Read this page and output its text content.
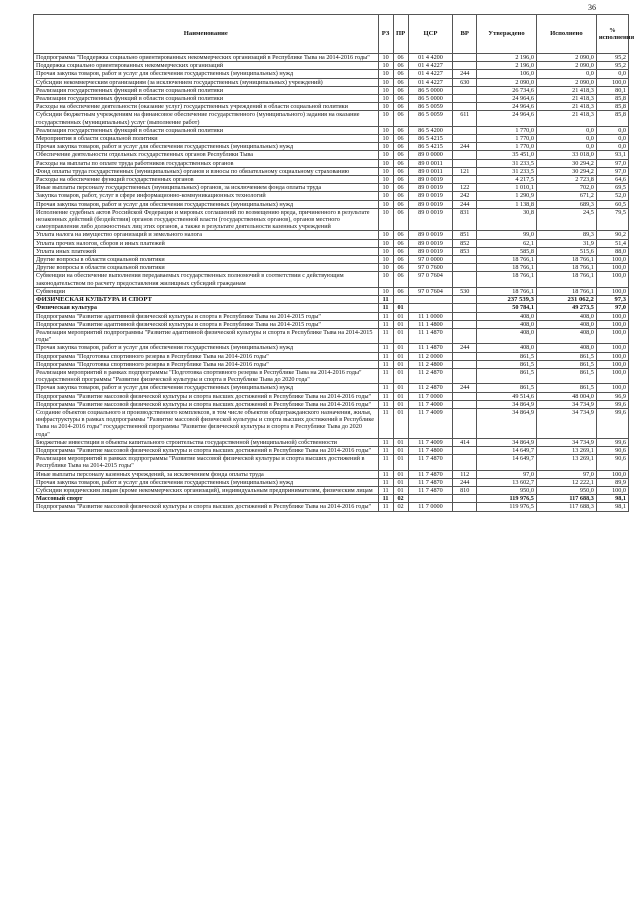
36
Наименование	РЗ	ПР	ЦСР	ВР	Утверждено	Исполнено	% исполнения
Подпрограмма "Поддержка социально ориентированных некоммерческих организаций в Республике Тыва на 2014-2016 годы"	10	06	01 4 4200		2 196,0	2 090,0	95,2
Поддержка социально ориентированных некоммерческих организаций	10	06	01 4 4227		2 196,0	2 090,0	95,2
Прочая закупка товаров, работ и услуг для обеспечения государственных (муниципальных) нужд	10	06	01 4 4227	244	106,0	0,0	0,0
Субсидии некоммерческим организациям (за исключением государственных (муниципальных) учреждений)	10	06	01 4 4227	630	2 090,0	2 090,0	100,0
Реализация государственных функций в области социальной политики	10	06	86 5 0000		26 734,6	21 418,3	80,1
Реализация государственных функций в области социальной политики	10	06	86 5 0000		24 964,6	21 418,3	85,8
Расходы на обеспечение деятельности (оказание услуг) государственных учреждений в области социальной политики	10	06	86 5 0059		24 964,6	21 418,3	85,8
Субсидии бюджетным учреждениям на финансовое обеспечение государственного (муниципального) задания на оказание государственных (муниципальных) услуг (выполнение работ)	10	06	86 5 0059	611	24 964,6	21 418,3	85,8
Реализация государственных функций в области социальной политики	10	06	86 5 4200		1 770,0	0,0	0,0
Мероприятия в области социальной политики	10	06	86 5 4215		1 770,0	0,0	0,0
Прочая закупка товаров, работ и услуг для обеспечения государственных (муниципальных) нужд	10	06	86 5 4215	244	1 770,0	0,0	0,0
Обеспечение деятельности отдельных государственных органов Республики Тыва	10	06	89 0 0000		35 451,0	33 018,0	93,1
Расходы на выплаты по оплате труда работников государственных органов	10	06	89 0 0011		31 233,5	30 294,2	97,0
Фонд оплаты труда государственных (муниципальных) органов и взносы по обязательному социальному страхованию	10	06	89 0 0011	121	31 233,5	30 294,2	97,0
Расходы на обеспечение функций государственных органов	10	06	89 0 0019		4 217,5	2 723,8	64,6
Иные выплаты персоналу государственных (муниципальных) органов, за исключением фонда оплаты труда	10	06	89 0 0019	122	1 010,1	702,0	69,5
Закупка товаров, работ, услуг в сфере информационно-коммуникационных технологий	10	06	89 0 0019	242	1 290,9	671,2	52,0
Прочая закупка товаров, работ и услуг для обеспечения государственных (муниципальных) нужд	10	06	89 0 0019	244	1 138,8	689,3	60,5
Исполнение судебных актов Российской Федерации и мировых соглашений по возмещению вреда, причиненного в результате незаконных действий (бездействия) органов государственной власти (государственных органов), органов местного самоуправления либо должностных лиц этих органов, а также в результате деятельности казенных учреждений	10	06	89 0 0019	831	30,8	24,5	79,5
Уплата налога на имущество организаций и земельного налога	10	06	89 0 0019	851	99,0	89,3	90,2
Уплата прочих налогов, сборов и иных платежей	10	06	89 0 0019	852	62,1	31,9	51,4
Уплата иных платежей	10	06	89 0 0019	853	585,8	515,6	88,0
Другие вопросы в области социальной политики	10	06	97 0 0000		18 766,1	18 766,1	100,0
Другие вопросы в области социальной политики	10	06	97 0 7600		18 766,1	18 766,1	100,0
Субвенции на обеспечение выполнения передаваемых государственных полномочий в соответствии с действующим законодательством по расчету предоставления жилищных субсидий гражданам	10	06	97 0 7604		18 766,1	18 766,1	100,0
Субвенции	10	06	97 0 7604	530	18 766,1	18 766,1	100,0
ФИЗИЧЕСКАЯ КУЛЬТУРА И СПОРТ	11				237 539,3	231 062,2	97,3
Физическая культура	11	01			50 784,1	49 273,5	97,0
Подпрограмма "Развитие адаптивной физической культуры и спорта в Республике Тыва на 2014-2015 годы"	11	01	11 1 0000		408,0	408,0	100,0
Подпрограмма "Развитие адаптивной физической культуры и спорта в Республике Тыва на 2014-2015 годы"	11	01	11 1 4800		408,0	408,0	100,0
Реализация мероприятий подпрограммы "Развитие адаптивной физической культуры и спорта в Республике Тыва на 2014-2015 годы"	11	01	11 1 4870		408,0	408,0	100,0
Прочая закупка товаров, работ и услуг для обеспечения государственных (муниципальных) нужд	11	01	11 1 4870	244	408,0	408,0	100,0
Подпрограмма "Подготовка спортивного резерва в Республике Тыва на 2014-2016 годы"	11	01	11 2 0000		861,5	861,5	100,0
Подпрограмма "Подготовка спортивного резерва в Республике Тыва на 2014-2016 годы"	11	01	11 2 4800		861,5	861,5	100,0
Реализация мероприятий в рамках подпрограммы "Подготовка спортивного резерва в Республике Тыва на 2014-2016 годы" государственной программы "Развитие физической культуры и спорта в Республике Тыва до 2020 года"	11	01	11 2 4870		861,5	861,5	100,0
Прочая закупка товаров, работ и услуг для обеспечения государственных (муниципальных) нужд	11	01	11 2 4870	244	861,5	861,5	100,0
Подпрограмма "Развитие массовой физической культуры и спорта высших достижений в Республике Тыва на 2014-2016 годы"	11	01	11 7 0000		49 514,6	48 004,0	96,9
Подпрограмма "Развитие массовой физической культуры и спорта высших достижений в Республике Тыва на 2014-2016 годы"	11	01	11 7 4000		34 864,9	34 734,9	99,6
Создание объектов социального и производственного комплексов, в том числе объектов общегражданского назначения, жилья, инфраструктуры в рамках подпрограммы "Развитие массовой физической культуры и спорта высших достижений в Республике Тыва на 2014-2016 годы" государственной программы "Развитие физической культуры и спорта в Республике Тыва до 2020 года"	11	01	11 7 4009		34 864,9	34 734,9	99,6
Бюджетные инвестиции в объекты капитального строительства государственной (муниципальной) собственности	11	01	11 7 4009	414	34 864,9	34 734,9	99,6
Подпрограмма "Развитие массовой физической культуры и спорта высших достижений в Республике Тыва на 2014-2016 годы"	11	01	11 7 4800		14 649,7	13 269,1	90,6
Реализация мероприятий в рамках подпрограммы "Развитие массовой физической культуры и спорта высших достижений в Республике Тыва на 2014-2015 годы"	11	01	11 7 4870		14 649,7	13 269,1	90,6
Иные выплаты персоналу казенных учреждений, за исключением фонда оплаты труда	11	01	11 7 4870	112	97,0	97,0	100,0
Прочая закупка товаров, работ и услуг для обеспечения государственных (муниципальных) нужд	11	01	11 7 4870	244	13 602,7	12 222,1	89,9
Субсидии юридическим лицам (кроме некоммерческих организаций), индивидуальным предпринимателям, физическим лицам	11	01	11 7 4870	810	950,0	950,0	100,0
Массовый спорт	11	02			119 976,5	117 688,3	98,1
Подпрограмма "Развитие массовой физической культуры и спорта высших достижений в Республике Тыва на 2014-2016 годы"	11	02	11 7 0000		119 976,5	117 688,3	98,1
